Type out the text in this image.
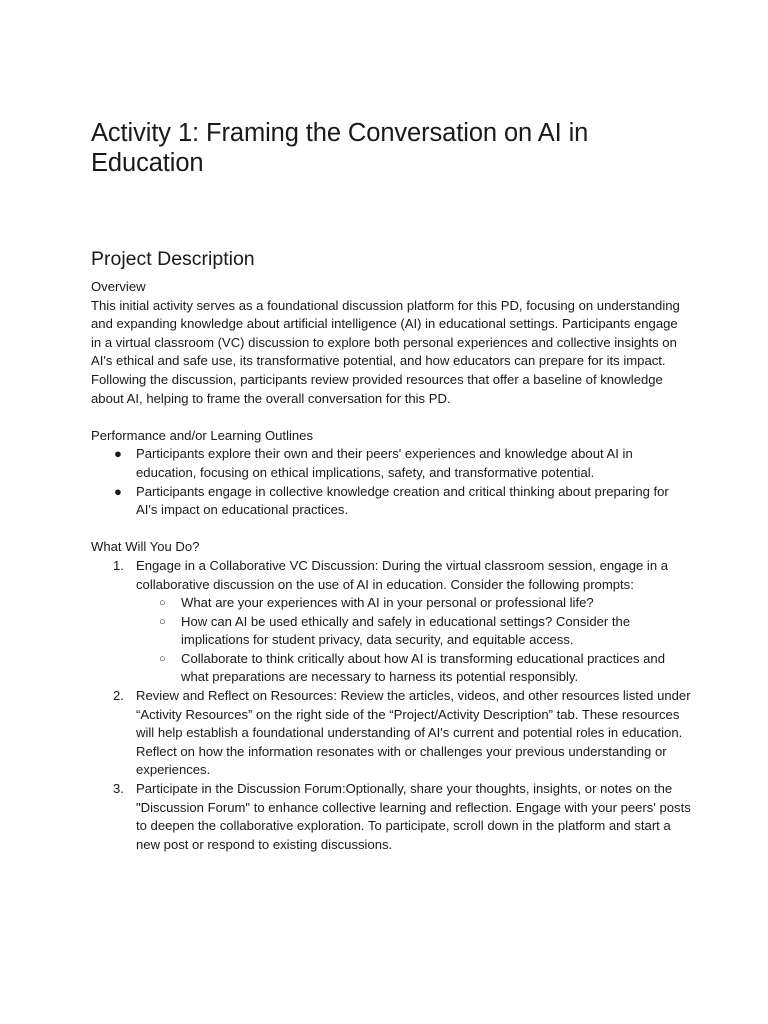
Activity 1: Framing the Conversation on AI in Education
Project Description

Overview

This initial activity serves as a foundational discussion platform for this PD, focusing on understanding and expanding knowledge about artificial intelligence (AI) in educational settings. Participants engage in a virtual classroom (VC) discussion to explore both personal experiences and collective insights on AI's ethical and safe use, its transformative potential, and how educators can prepare for its impact. Following the discussion, participants review provided resources that offer a baseline of knowledge about AI, helping to frame the overall conversation for this PD.

Performance and/or Learning Outlines

● Participants explore their own and their peers' experiences and knowledge about AI in education, focusing on ethical implications, safety, and transformative potential.
● Participants engage in collective knowledge creation and critical thinking about preparing for AI's impact on educational practices.

What Will You Do?

1. Engage in a Collaborative VC Discussion: During the virtual classroom session, engage in a collaborative discussion on the use of AI in education. Consider the following prompts:
○ What are your experiences with AI in your personal or professional life?
○ How can AI be used ethically and safely in educational settings? Consider the implications for student privacy, data security, and equitable access.
○ Collaborate to think critically about how AI is transforming educational practices and what preparations are necessary to harness its potential responsibly.
2. Review and Reflect on Resources: Review the articles, videos, and other resources listed under “Activity Resources” on the right side of the “Project/Activity Description” tab. These resources will help establish a foundational understanding of AI's current and potential roles in education. Reflect on how the information resonates with or challenges your previous understanding or experiences.
3. Participate in the Discussion Forum:Optionally, share your thoughts, insights, or notes on the "Discussion Forum" to enhance collective learning and reflection. Engage with your peers' posts to deepen the collaborative exploration. To participate, scroll down in the platform and start a new post or respond to existing discussions.
